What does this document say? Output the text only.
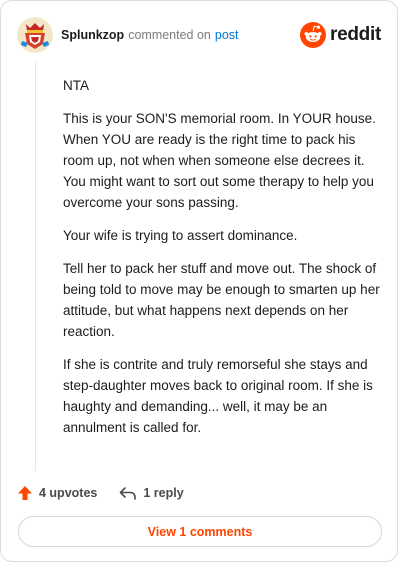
Splunkzop commented on post	reddit

NTA

This is your SON'S memorial room. In YOUR house. When YOU are ready is the right time to pack his room up, not when when someone else decrees it. You might want to sort out some therapy to help you overcome your sons passing.

Your wife is trying to assert dominance.

Tell her to pack her stuff and move out. The shock of being told to move may be enough to smarten up her attitude, but what happens next depends on her reaction.

If she is contrite and truly remorseful she stays and step-daughter moves back to original room. If she is haughty and demanding... well, it may be an annulment is called for.

4 upvotes	1 reply
View 1 comments
